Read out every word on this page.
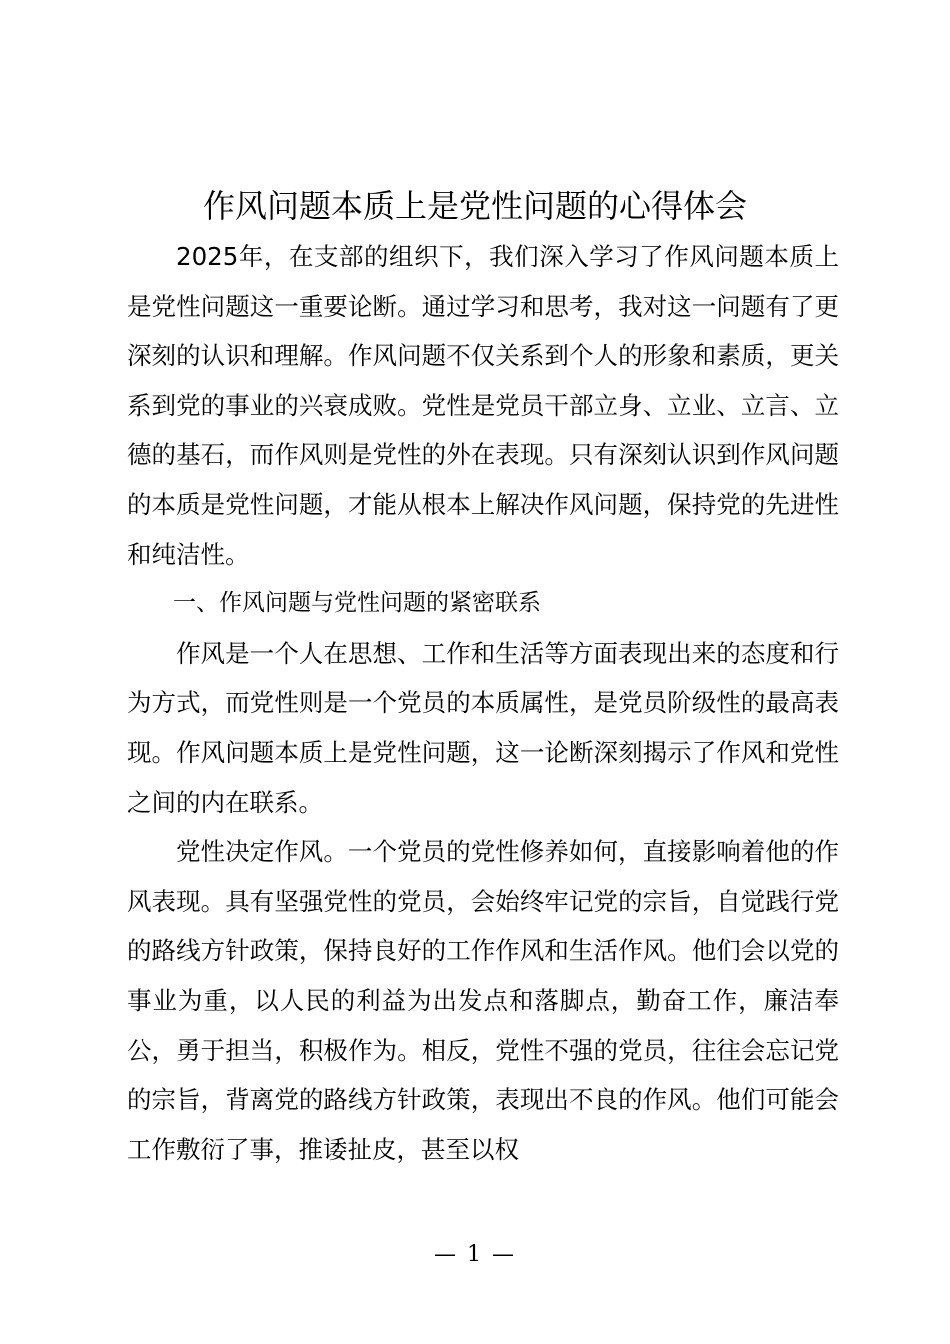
作风问题本质上是党性问题的心得体会

2025年，在支部的组织下，我们深入学习了作风问题本质上是党性问题这一重要论断。通过学习和思考，我对这一问题有了更深刻的认识和理解。作风问题不仅关系到个人的形象和素质，更关系到党的事业的兴衰成败。党性是党员干部立身、立业、立言、立德的基石，而作风则是党性的外在表现。只有深刻认识到作风问题的本质是党性问题，才能从根本上解决作风问题，保持党的先进性和纯洁性。

一、作风问题与党性问题的紧密联系

作风是一个人在思想、工作和生活等方面表现出来的态度和行为方式，而党性则是一个党员的本质属性，是党员阶级性的最高表现。作风问题本质上是党性问题，这一论断深刻揭示了作风和党性之间的内在联系。

党性决定作风。一个党员的党性修养如何，直接影响着他的作风表现。具有坚强党性的党员，会始终牢记党的宗旨，自觉践行党的路线方针政策，保持良好的工作作风和生活作风。他们会以党的事业为重，以人民的利益为出发点和落脚点，勤奋工作，廉洁奉公，勇于担当，积极作为。相反，党性不强的党员，往往会忘记党的宗旨，背离党的路线方针政策，表现出不良的作风。他们可能会工作敷衍了事，推诿扯皮，甚至以权

— 1 —
